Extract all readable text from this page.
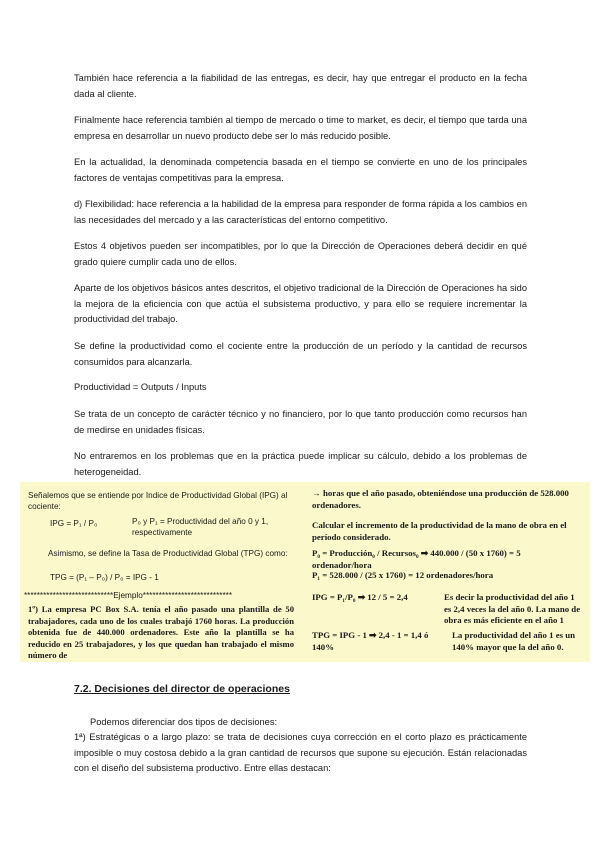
También hace referencia a la fiabilidad de las entregas, es decir, hay que entregar el producto en la fecha dada al cliente.

Finalmente hace referencia también al tiempo de mercado o time to market, es decir, el tiempo que tarda una empresa en desarrollar un nuevo producto debe ser lo más reducido posible.

En la actualidad, la denominada competencia basada en el tiempo se convierte en uno de los principales factores de ventajas competitivas para la empresa.

d) Flexibilidad: hace referencia a la habilidad de la empresa para responder de forma rápida a los cambios en las necesidades del mercado y a las características del entorno competitivo.

Estos 4 objetivos pueden ser incompatibles, por lo que la Dirección de Operaciones deberá decidir en qué grado quiere cumplir cada uno de ellos.

Aparte de los objetivos básicos antes descritos, el objetivo tradicional de la Dirección de Operaciones ha sido la mejora de la eficiencia con que actúa el subsistema productivo, y para ello se requiere incrementar la productividad del trabajo.

Se define la productividad como el cociente entre la producción de un período y la cantidad de recursos consumidos para alcanzarla.

Productividad = Outputs / Inputs

Se trata de un concepto de carácter técnico y no financiero, por lo que tanto producción como recursos han de medirse en unidades físicas.

No entraremos en los problemas que en la práctica puede implicar su cálculo, debido a los problemas de heterogeneidad.

Señalemos que se entiende por Indice de Productividad Global (IPG) al cociente:

IPG = P₁ / P₀	P₀ y P₁ = Productividad del año 0 y 1, respectivamente

Asimismo, se define la Tasa de Productividad Global (TPG) como:

TPG = (P₁ – P₀) / P₀ = IPG - 1

****************************Ejemplo****************************

1º) La empresa PC Box S.A. tenía el año pasado una plantilla de 50 trabajadores, cada uno de los cuales trabajó 1760 horas. La producción obtenida fue de 440.000 ordenadores. Este año la plantilla se ha reducido en 25 trabajadores, y los que quedan han trabajado el mismo número de

→ horas que el año pasado, obteniéndose una producción de 528.000 ordenadores.

Calcular el incremento de la productividad de la mano de obra en el período considerado.

P₀ = Producción₀ / Recursos₀ ➡ 440.000 / (50 x 1760) = 5 ordenador/hora

P₁ = 528.000 / (25 x 1760) = 12 ordenadores/hora

IPG = P₁/P₀ ➡ 12 / 5 = 2,4	Es decir la productividad del año 1 es 2,4 veces la del año 0. La mano de obra es más eficiente en el año 1

TPG = IPG - 1 ➡ 2,4 - 1 = 1,4 ó 140%

La productividad del año 1 es un 140% mayor que la del año 0.

7.2. Decisiones del director de operaciones

Podemos diferenciar dos tipos de decisiones:

1ª) Estratégicas o a largo plazo: se trata de decisiones cuya corrección en el corto plazo es prácticamente imposible o muy costosa debido a la gran cantidad de recursos que supone su ejecución. Están relacionadas con el diseño del subsistema productivo. Entre ellas destacan:
